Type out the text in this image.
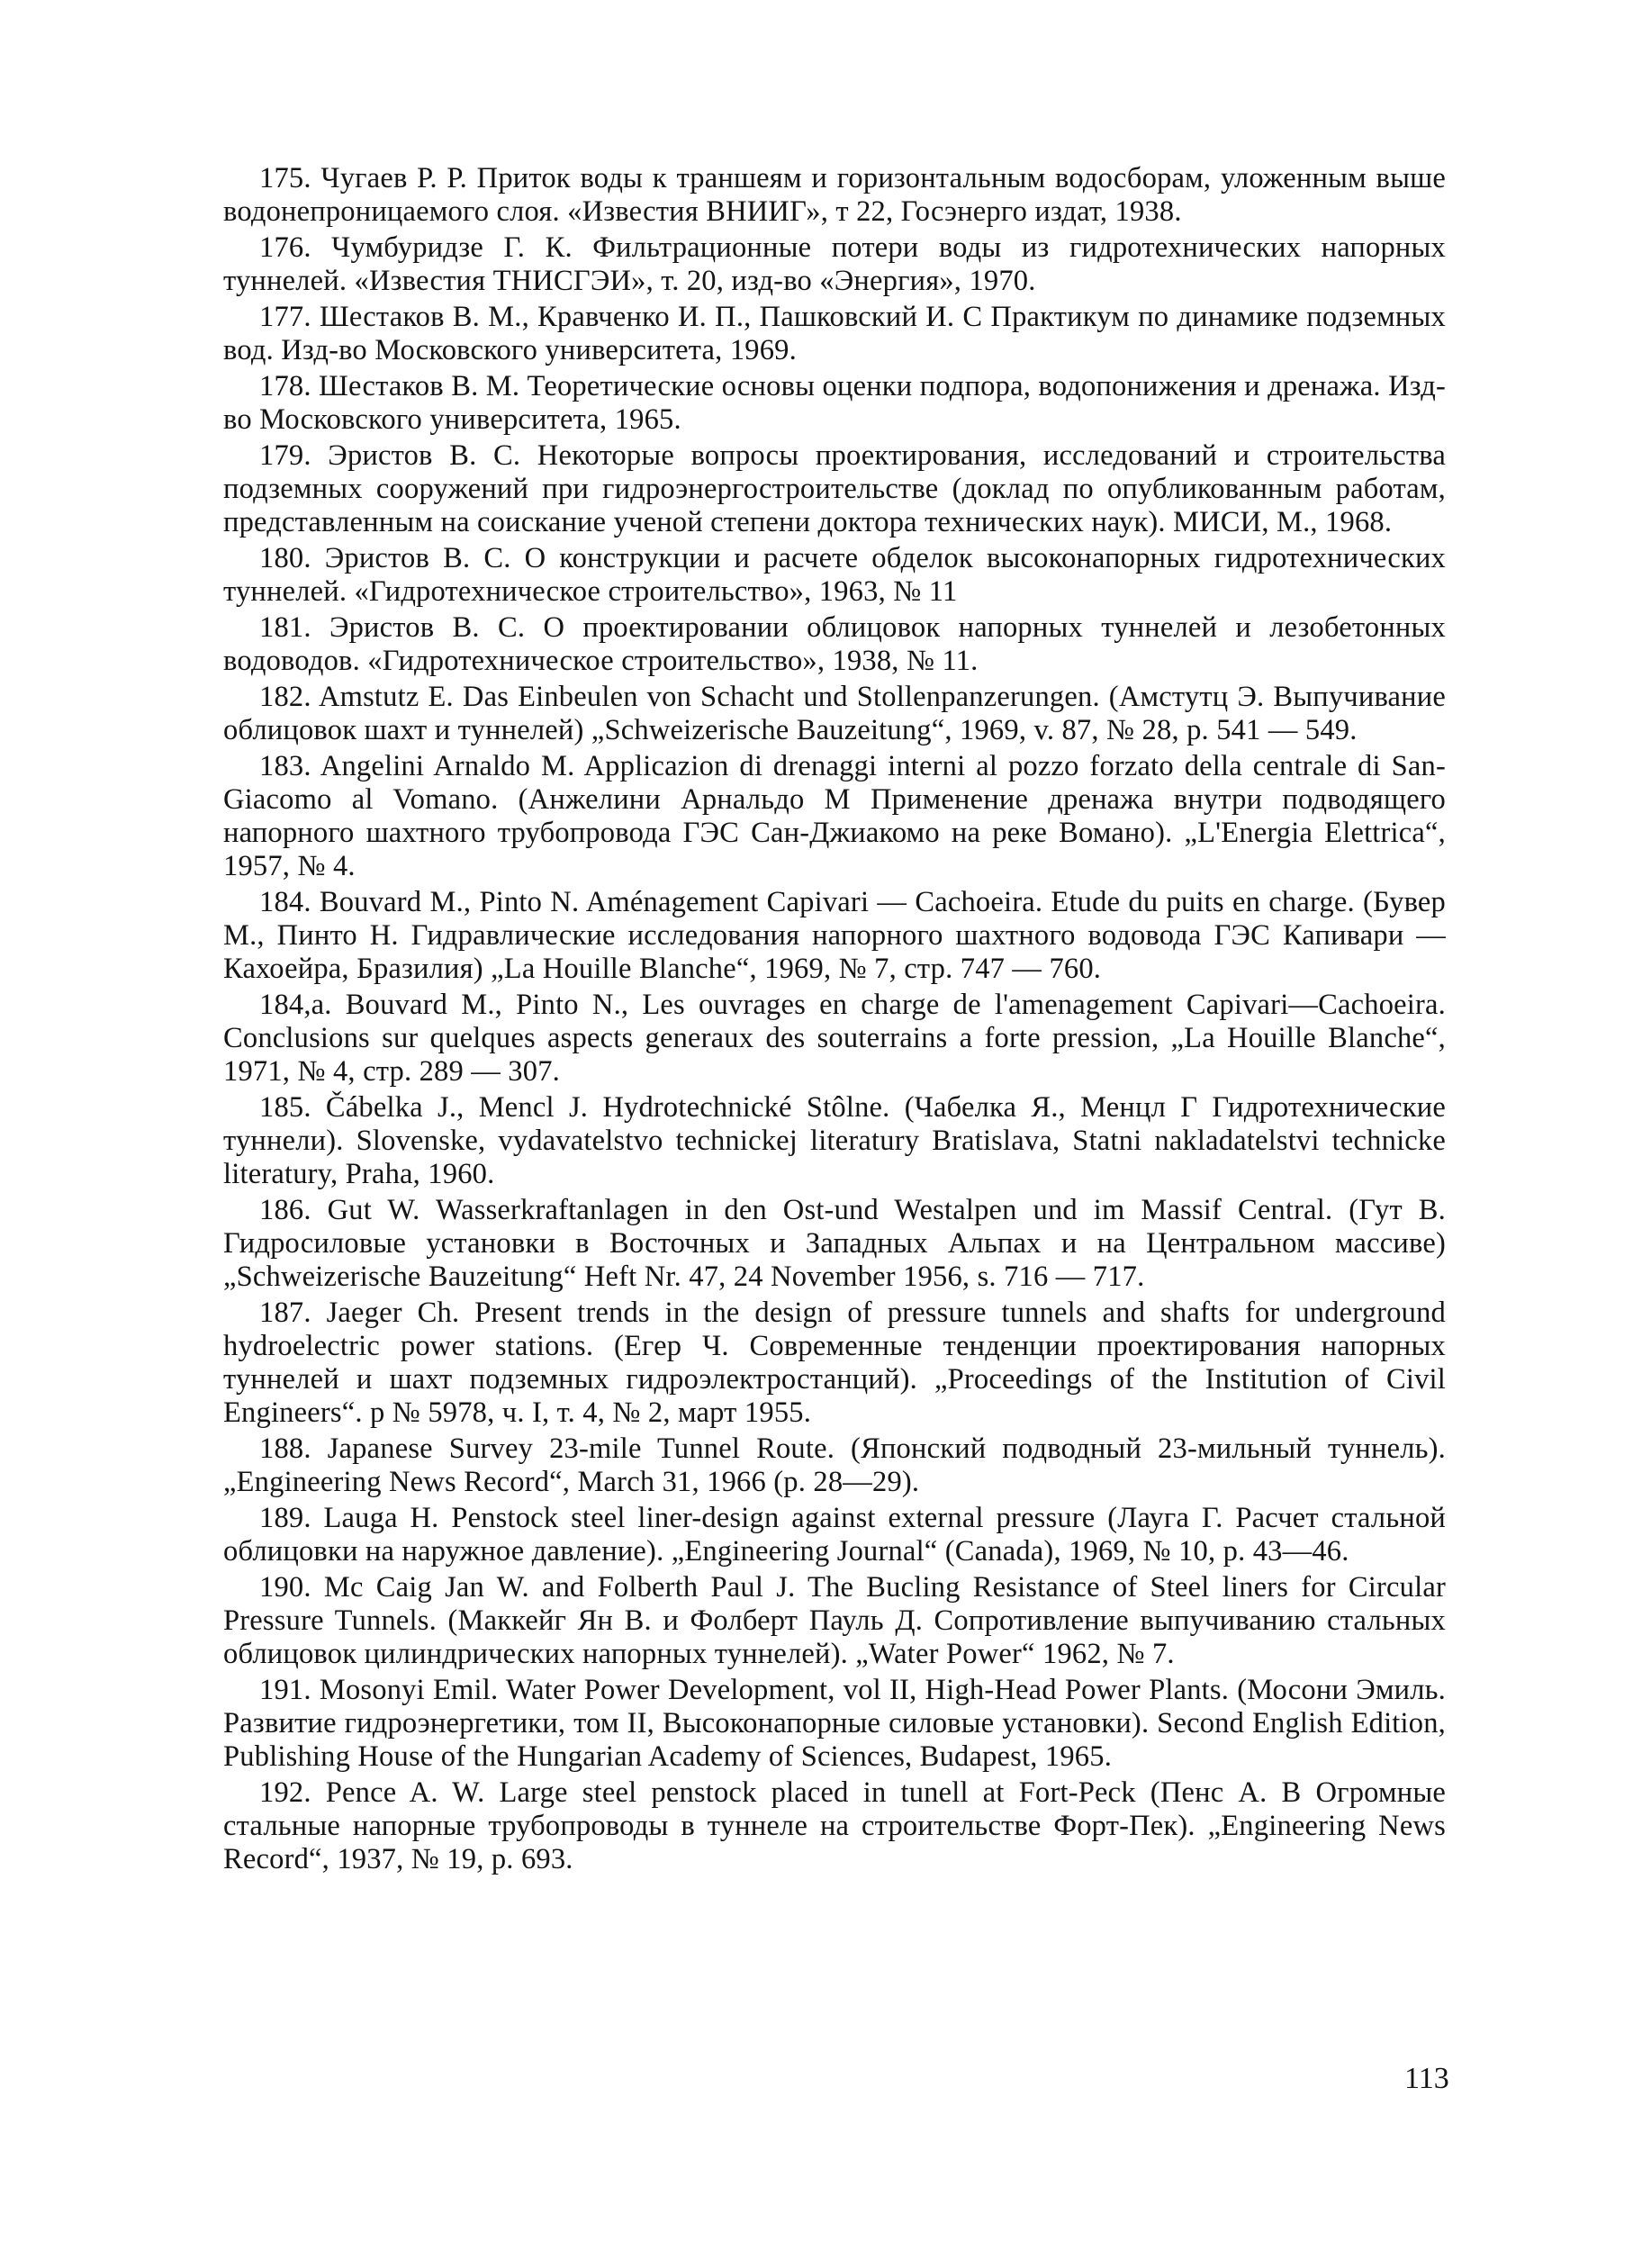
175. Чугаев Р. Р. Приток воды к траншеям и горизонтальным водосборам, уложенным выше водонепроницаемого слоя. «Известия ВНИИГ», т 22, Госэнерго издат, 1938.

176. Чумбуридзе Г. К. Фильтрационные потери воды из гидротехнических напорных туннелей. «Известия ТНИСГЭИ», т. 20, изд-во «Энергия», 1970.

177. Шестаков В. М., Кравченко И. П., Пашковский И. С Практикум по динамике подземных вод. Изд-во Московского университета, 1969.

178. Шестаков В. М. Теоретические основы оценки подпора, водопонижения и дренажа. Изд-во Московского университета, 1965.

179. Эристов В. С. Некоторые вопросы проектирования, исследований и строительства подземных сооружений при гидроэнергостроительстве (доклад по опубликованным работам, представленным на соискание ученой степени доктора технических наук). МИСИ, М., 1968.

180. Эристов В. С. О конструкции и расчете обделок высоконапорных гидротехнических туннелей. «Гидротехническое строительство», 1963, № 11

181. Эристов В. С. О проектировании облицовок напорных туннелей и лезобетонных водоводов. «Гидротехническое строительство», 1938, № 11.

182. Amstutz E. Das Einbeulen von Schacht und Stollenpanzerungen. (Амстутц Э. Выпучивание облицовок шахт и туннелей) „Schweizerische Bauzeitung“, 1969, v. 87, № 28, p. 541 — 549.

183. Angelini Arnaldo M. Applicazion di drenaggi interni al pozzo forzato della centrale di San-Giacomo al Vomano. (Анжелини Арнальдо М Применение дренажа внутри подводящего напорного шахтного трубопровода ГЭС Сан-Джиакомо на реке Вомано). „L'Energia Elettrica“, 1957, № 4.

184. Bouvard M., Pinto N. Aménagement Capivari — Cachoeira. Etude du puits en charge. (Бувер М., Пинто Н. Гидравлические исследования напорного шахтного водовода ГЭС Капивари — Кахоейра, Бразилия) „La Houille Blanche“, 1969, № 7, стр. 747 — 760.

184,a. Bouvard M., Pinto N., Les ouvrages en charge de l'amenagement Capivari—Cachoeira. Conclusions sur quelques aspects generaux des souterrains a forte pression, „La Houille Blanche“, 1971, № 4, стр. 289 — 307.

185. Čábelka J., Mencl J. Hydrotechnické Stôlne. (Чабелка Я., Менцл Г Гидротехнические туннели). Slovenske, vydavatelstvo technickej literatury Bratislava, Statni nakladatelstvi technicke literatury, Praha, 1960.

186. Gut W. Wasserkraftanlagen in den Ost-und Westalpen und im Massif Central. (Гут В. Гидросиловые установки в Восточных и Западных Альпах и на Центральном массиве) „Schweizerische Bauzeitung“ Heft Nr. 47, 24 November 1956, s. 716 — 717.

187. Jaeger Ch. Present trends in the design of pressure tunnels and shafts for underground hydroelectric power stations. (Егер Ч. Современные тенденции проектирования напорных туннелей и шахт подземных гидроэлектростанций). „Proceedings of the Institution of Civil Engineers“. p № 5978, ч. I, т. 4, № 2, март 1955.

188. Japanese Survey 23-mile Tunnel Route. (Японский подводный 23-мильный туннель). „Engineering News Record“, March 31, 1966 (p. 28—29).

189. Lauga H. Penstock steel liner-design against external pressure (Лауга Г. Расчет стальной облицовки на наружное давление). „Engineering Journal“ (Canada), 1969, № 10, p. 43—46.

190. Mc Caig Jan W. and Folberth Paul J. The Bucling Resistance of Steel liners for Circular Pressure Tunnels. (Маккейг Ян В. и Фолберт Пауль Д. Сопротивление выпучиванию стальных облицовок цилиндрических напорных туннелей). „Water Power“ 1962, № 7.

191. Mosonyi Emil. Water Power Development, vol II, High-Head Power Plants. (Мосони Эмиль. Развитие гидроэнергетики, том II, Высоконапорные силовые установки). Second English Edition, Publishing House of the Hungarian Academy of Sciences, Budapest, 1965.

192. Pence A. W. Large steel penstock placed in tunell at Fort-Peck (Пенс А. В Огромные стальные напорные трубопроводы в туннеле на строительстве Форт-Пек). „Engineering News Record“, 1937, № 19, p. 693.

113
